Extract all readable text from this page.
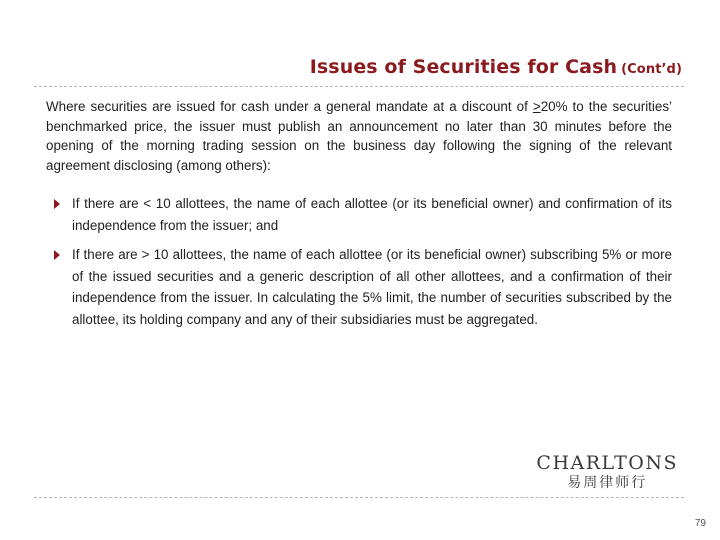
Issues of Securities for Cash (Cont’d)

Where securities are issued for cash under a general mandate at a discount of >20% to the securities’ benchmarked price, the issuer must publish an announcement no later than 30 minutes before the opening of the morning trading session on the business day following the signing of the relevant agreement disclosing (among others):

If there are < 10 allottees, the name of each allottee (or its beneficial owner) and confirmation of its independence from the issuer; and
If there are > 10 allottees, the name of each allottee (or its beneficial owner) subscribing 5% or more of the issued securities and a generic description of all other allottees, and a confirmation of their independence from the issuer. In calculating the 5% limit, the number of securities subscribed by the allottee, its holding company and any of their subsidiaries must be aggregated.
CHARLTONS
易周律师行
79
